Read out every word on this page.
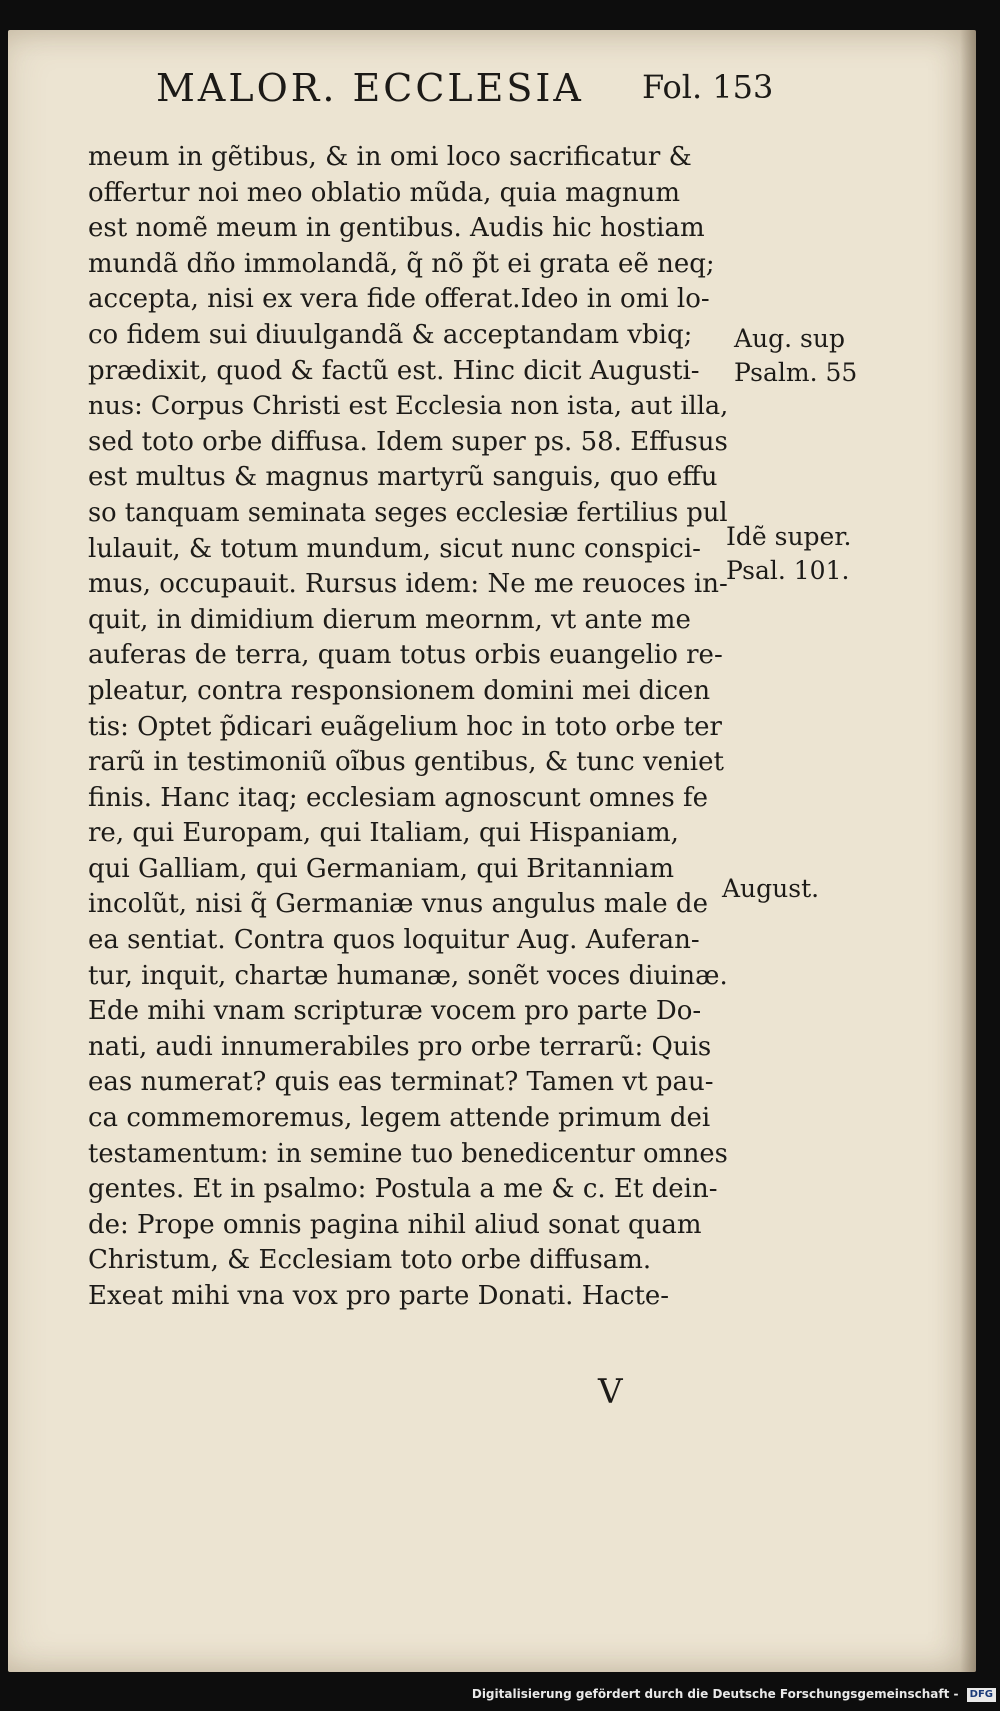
MALOR. ECCLESIA Fol. 153
meum in gẽtibus, & in omi loco sacrificatur &
offertur noi meo oblatio mũda, quia magnum
est nomẽ meum in gentibus. Audis hic hostiam
mundã dño immolandã, q̃ nõ p̃t ei grata eẽ neq;
accepta, nisi ex vera fide offerat.Ideo in omi lo-
co fidem sui diuulgandã & acceptandam vbiq;
prædixit, quod & factũ est. Hinc dicit Augusti-
nus: Corpus Christi est Ecclesia non ista, aut illa,
sed toto orbe diffusa. Idem super ps. 58. Effusus
est multus & magnus martyrũ sanguis, quo effu
so tanquam seminata seges ecclesiæ fertilius pul
lulauit, & totum mundum, sicut nunc conspici-
mus, occupauit. Rursus idem: Ne me reuoces in-
quit, in dimidium dierum meornm, vt ante me
auferas de terra, quam totus orbis euangelio re-
pleatur, contra responsionem domini mei dicen
tis: Optet p̃dicari euãgelium hoc in toto orbe ter
rarũ in testimoniũ oĩbus gentibus, & tunc veniet
finis. Hanc itaq; ecclesiam agnoscunt omnes fe
re, qui Europam, qui Italiam, qui Hispaniam,
qui Galliam, qui Germaniam, qui Britanniam
incolũt, nisi q̃ Germaniæ vnus angulus male de
ea sentiat. Contra quos loquitur Aug. Auferan-
tur, inquit, chartæ humanæ, sonẽt voces diuinæ.
Ede mihi vnam scripturæ vocem pro parte Do-
nati, audi innumerabiles pro orbe terrarũ: Quis
eas numerat? quis eas terminat? Tamen vt pau-
ca commemoremus, legem attende primum dei
testamentum: in semine tuo benedicentur omnes
gentes. Et in psalmo: Postula a me & c. Et dein-
de: Prope omnis pagina nihil aliud sonat quam
Christum, & Ecclesiam toto orbe diffusam.
Exeat mihi vna vox pro parte Donati. Hacte-
Aug. sup
Psalm. 55
Idẽ super.
Psal. 101.
August.
V
Digitalisierung gefördert durch die Deutsche Forschungsgemeinschaft - DFG
